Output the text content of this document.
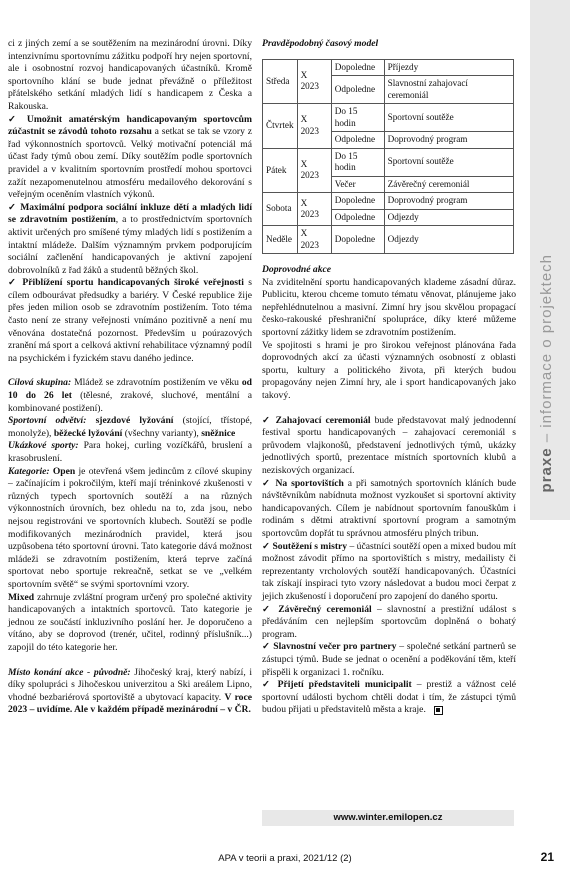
praxe – informace o projektech

ci z jiných zemí a se soutěžením na mezinárodní úrovni. Díky intenzivnímu sportovnímu zážitku podpoří hry nejen sportovní, ale i osobnostní rozvoj handicapovaných účastníků. Kromě sportovního klání se bude jednat převážně o příležitost přátelského setkání mladých lidí s handicapem z Česka a Rakouska.

✓ Umožnit amatérským handicapovaným sportovcům zúčastnit se závodů tohoto rozsahu a setkat se tak se vzory z řad výkonnostních sportovců. Velký motivační potenciál má účast řady týmů obou zemí. Díky soutěžím podle sportovních pravidel a v kvalitním sportovním prostředí mohou sportovci zažít nezapomenutelnou atmosféru medailového dekorování s veřejným oceněním vlastních výkonů.

✓ Maximální podpora sociální inkluze dětí a mladých lidí se zdravotním postižením, a to prostřednictvím sportovních aktivit určených pro smíšené týmy mladých lidí s postižením a intaktní mládeže. Dalším významným prvkem podporujícím sociální začlenění handicapovaných je aktivní zapojení dobrovolníků z řad žáků a studentů běžných škol.

✓ Přiblížení sportu handicapovaných široké veřejnosti s cílem odbourávat předsudky a bariéry. V České republice žije přes jeden milion osob se zdravotním postižením. Toto téma často není ze strany veřejnosti vnímáno pozitivně a není mu věnována dostatečná pozornost. Především u poúrazových zranění má sport a celková aktivní rehabilitace významný podíl na psychickém i fyzickém stavu daného jedince.

Cílová skupina: Mládež se zdravotním postižením ve věku od 10 do 26 let (tělesné, zrakové, sluchové, mentální a kombinované postižení).

Sportovní odvětví: sjezdové lyžování (stojící, třístopé, monolyže), běžecké lyžování (všechny varianty), sněžnice

Ukázkové sporty: Para hokej, curling vozíčkářů, bruslení a krasobruslení.

Kategorie: Open je otevřená všem jedincům z cílové skupiny – začínajícím i pokročilým, kteří mají tréninkové zkušenosti v různých typech sportovních soutěží a na různých výkonnostních úrovních, bez ohledu na to, zda jsou, nebo nejsou registrováni ve sportovních klubech. Soutěží se podle modifikovaných mezinárodních pravidel, která jsou uzpůsobena této sportovní úrovni. Tato kategorie dává možnost mládeži se zdravotním postižením, která teprve začíná sportovat nebo sportuje rekreačně, setkat se ve „velkém sportovním světě“ se svými sportovními vzory.

Mixed zahrnuje zvláštní program určený pro společné aktivity handicapovaných a intaktních sportovců. Tato kategorie je jednou ze součástí inkluzivního poslání her. Je doporučeno a vítáno, aby se doprovod (trenér, učitel, rodinný příslušník...) zapojil do této kategorie her.

Místo konání akce - původně: Jihočeský kraj, který nabízí, i díky spolupráci s Jihočeskou univerzitou a Ski areálem Lipno, vhodné bezbariérová sportoviště a ubytovací kapacity. V roce 2023 – uvidíme. Ale v každém případě mezinárodní – v ČR.

Pravděpodobný časový model

Středa	X 2023	Dopoledne	Příjezdy
		Odpoledne	Slavnostní zahajovací ceremoniál
Čtvrtek	X 2023	Do 15 hodin	Sportovní soutěže
		Odpoledne	Doprovodný program
Pátek	X 2023	Do 15 hodin	Sportovní soutěže
		Večer	Závěrečný ceremoniál
Sobota	X 2023	Dopoledne	Doprovodný program
		Odpoledne	Odjezdy
Neděle	X 2023	Dopoledne	Odjezdy

Doprovodné akce

Na zviditelnění sportu handicapovaných klademe zásadní důraz. Publicitu, kterou chceme tomuto tématu věnovat, plánujeme jako nepřehlédnutelnou a masivní. Zimní hry jsou skvělou propagací česko-rakouské přeshraniční spolupráce, díky které můžeme sportovní zážitky lidem se zdravotním postižením.

Ve spojitosti s hrami je pro širokou veřejnost plánována řada doprovodných akcí za účasti významných osobností z oblasti sportu, kultury a politického života, při kterých budou propagovány nejen Zimní hry, ale i sport handicapovaných jako takový.

✓ Zahajovací ceremoniál bude představovat malý jednodenní festival sportu handicapovaných – zahajovací ceremoniál s průvodem vlajkonošů, představení jednotlivých týmů, ukázky jednotlivých sportů, prezentace místních sportovních klubů a neziskových organizací.

✓ Na sportovištích a při samotných sportovních kláních bude návštěvníkům nabídnuta možnost vyzkoušet si sportovní aktivity handicapovaných. Cílem je nabídnout sportovním fanouškům i rodinám s dětmi atraktivní sportovní program a samotným sportovcům dopřát tu správnou atmosféru plných tribun.

✓ Soutěžení s mistry – účastníci soutěží open a mixed budou mít možnost závodit přímo na sportovištích s mistry, medailisty či reprezentanty vrcholových soutěží handicapovaných. Účastníci tak získají inspiraci tyto vzory následovat a budou moci čerpat z jejich zkušeností i doporučení pro zapojení do daného sportu.

✓ Závěrečný ceremoniál – slavnostní a prestižní událost s předáváním cen nejlepším sportovcům doplněná o bohatý program.

✓ Slavnostní večer pro partnery – společné setkání partnerů se zástupci týmů. Bude se jednat o ocenění a poděkování těm, kteří přispěli k organizaci 1. ročníku.

✓ Přijetí představiteli municipalit – prestiž a vážnost celé sportovní události bychom chtěli dodat i tím, že zástupci týmů budou přijati u představitelů města a kraje.

www.winter.emilopen.cz
APA v teorii a praxi, 2021/12 (2)	21
